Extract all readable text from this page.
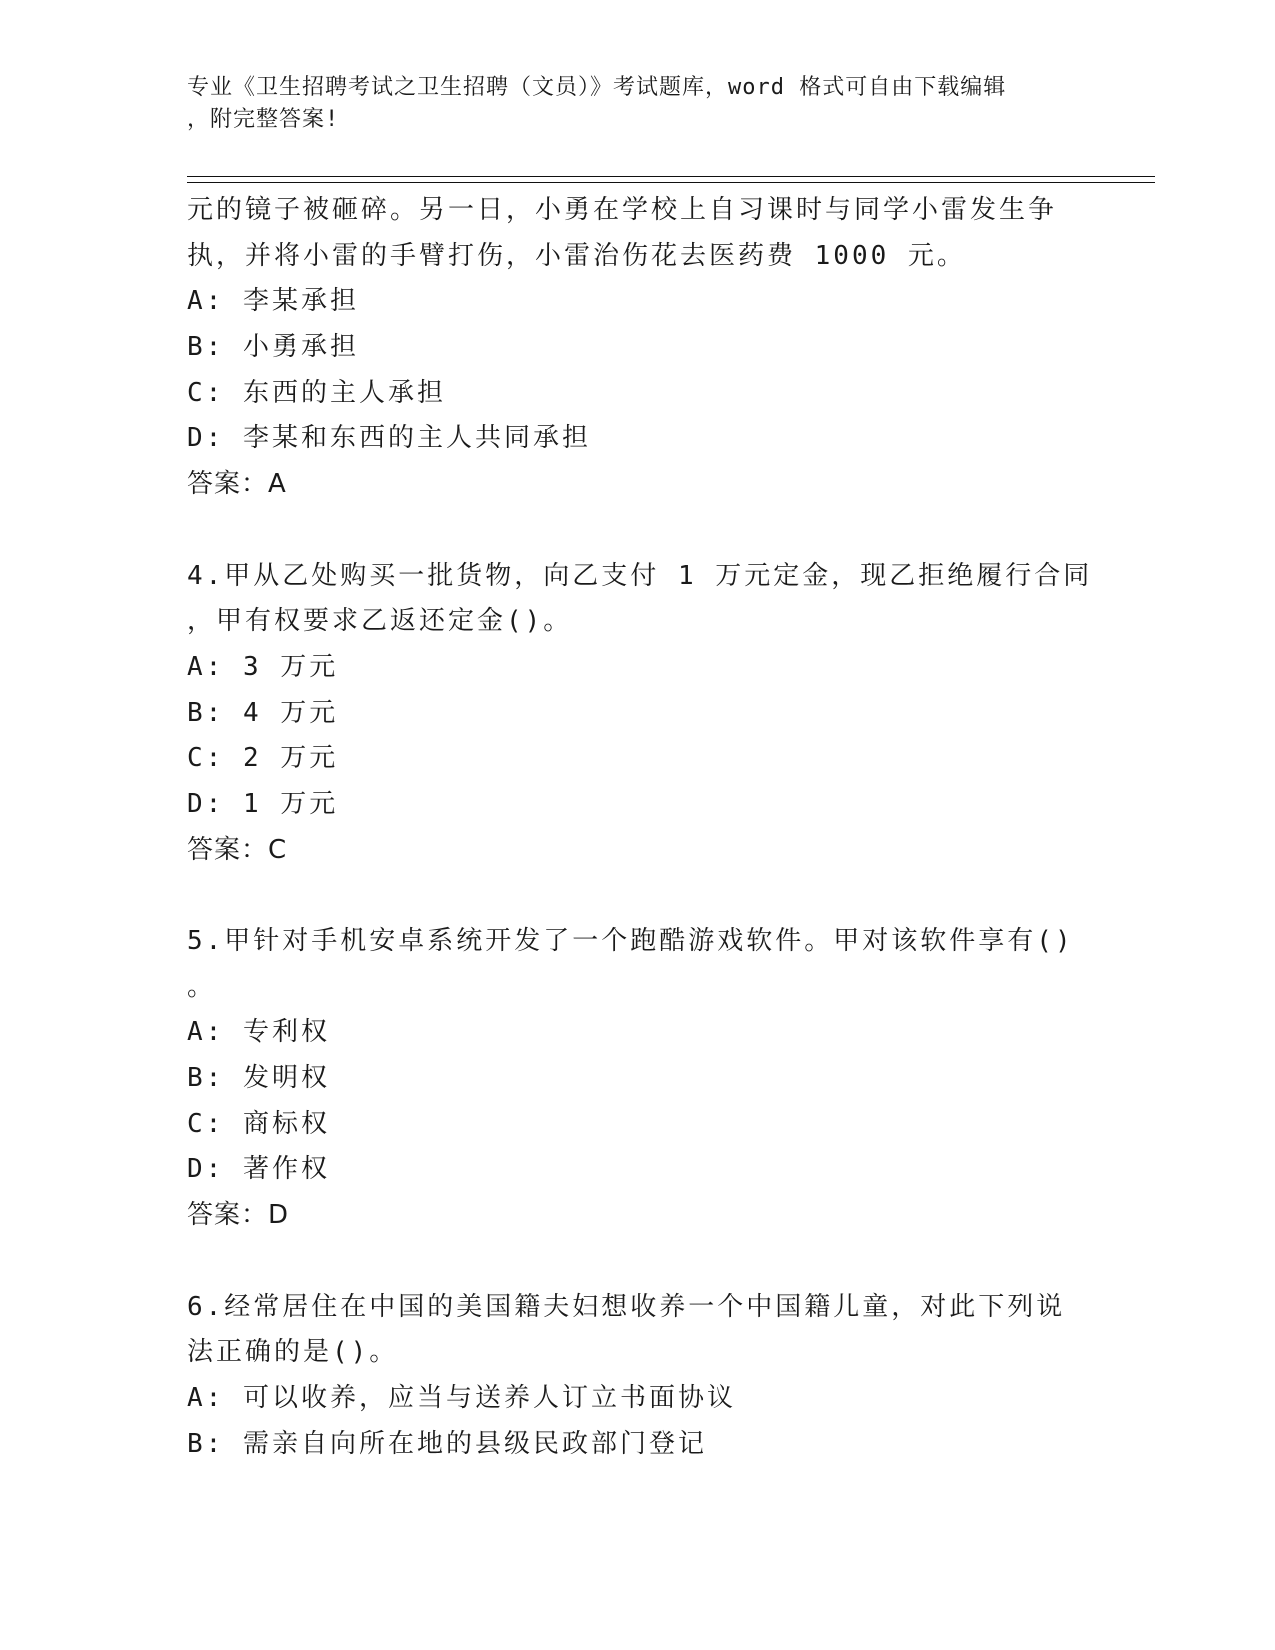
专业《卫生招聘考试之卫生招聘（文员）》考试题库，word 格式可自由下载编辑
，附完整答案!
元的镜子被砸碎。另一日，小勇在学校上自习课时与同学小雷发生争
执，并将小雷的手臂打伤，小雷治伤花去医药费 1000 元。
A: 李某承担
B: 小勇承担
C: 东西的主人承担
D: 李某和东西的主人共同承担
答案：A
4.甲从乙处购买一批货物，向乙支付 1 万元定金，现乙拒绝履行合同
，甲有权要求乙返还定金()。
A: 3 万元
B: 4 万元
C: 2 万元
D: 1 万元
答案：C
5.甲针对手机安卓系统开发了一个跑酷游戏软件。甲对该软件享有()
。
A: 专利权
B: 发明权
C: 商标权
D: 著作权
答案：D
6.经常居住在中国的美国籍夫妇想收养一个中国籍儿童，对此下列说
法正确的是()。
A: 可以收养，应当与送养人订立书面协议
B: 需亲自向所在地的县级民政部门登记
